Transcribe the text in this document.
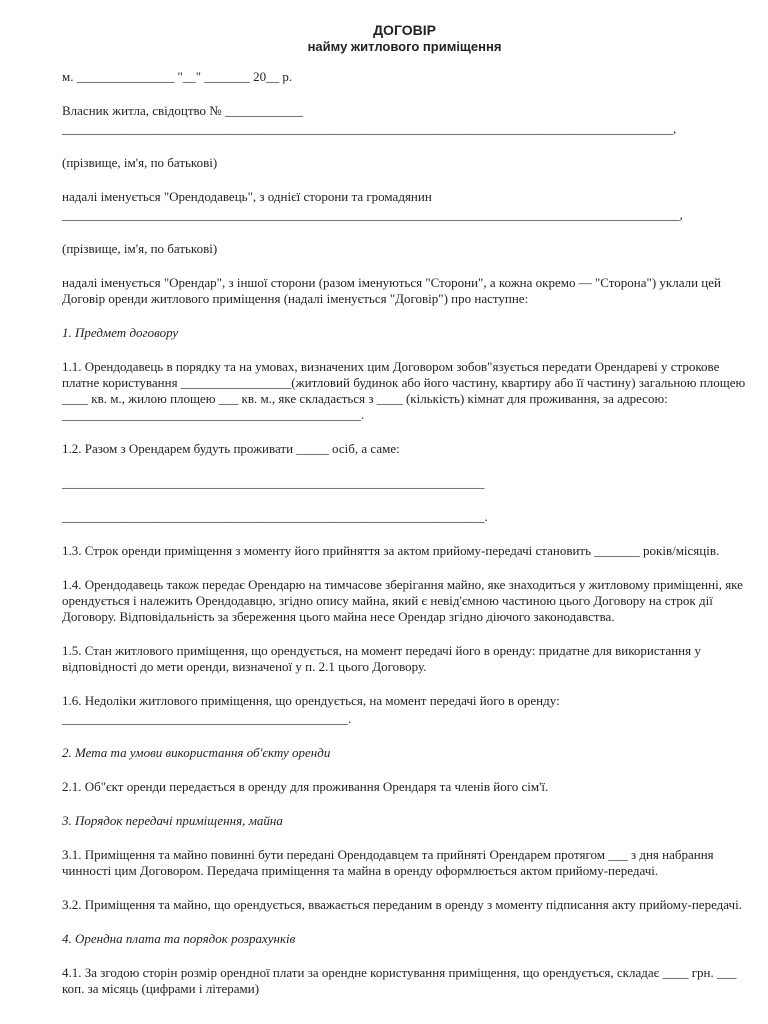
ДОГОВІР
найму житлового приміщення

м. _______________ "__" _______ 20__ р.

Власник житла, свідоцтво № ____________

______________________________________________________________________________________________,

(прізвище, ім'я, по батькові)

надалі іменується "Орендодавець", з однієї сторони та громадянин

_______________________________________________________________________________________________,

(прізвище, ім'я, по батькові)

надалі іменується "Орендар", з іншої сторони (разом іменуються "Сторони", а кожна окремо — "Сторона") уклали цей Договір оренди житлового приміщення (надалі іменується "Договір") про наступне:

1. Предмет договору

1.1. Орендодавець в порядку та на умовах, визначених цим Договором зобов"язується передати Орендареві у строкове платне користування _________________(житловий будинок або його частину, квартиру або її частину) загальною площею ____ кв. м., жилою площею ___ кв. м., яке складається з ____ (кількість) кімнат для проживання, за адресою: ______________________________________________.

1.2. Разом з Орендарем будуть проживати _____ осіб, а саме:

_________________________________________________________________

_________________________________________________________________.

1.3. Строк оренди приміщення з моменту його прийняття за актом прийому-передачі становить _______ років/місяців.

1.4. Орендодавець також передає Орендарю на тимчасове зберігання майно, яке знаходиться у житловому приміщенні, яке орендується і належить Орендодавцю, згідно опису майна, який є невід'ємною частиною цього Договору на строк дії Договору. Відповідальність за збереження цього майна несе Орендар згідно діючого законодавства.

1.5. Стан житлового приміщення, що орендується, на момент передачі його в оренду: придатне для використання у відповідності до мети оренди, визначеної у п. 2.1 цього Договору.

1.6. Недоліки житлового приміщення, що орендується, на момент передачі його в оренду:

____________________________________________.

2. Мета та умови використання об'єкту оренди

2.1. Об"єкт оренди передається в оренду для проживання Орендаря та членів його сім'ї.

3. Порядок передачі приміщення, майна

3.1. Приміщення та майно повинні бути передані Орендодавцем та прийняті Орендарем протягом ___ з дня набрання чинності цим Договором. Передача приміщення та майна в оренду оформлюється актом прийому-передачі.

3.2. Приміщення та майно, що орендується, вважається переданим в оренду з моменту підписання акту прийому-передачі.

4. Орендна плата та порядок розрахунків

4.1. За згодою сторін розмір орендної плати за орендне користування приміщення, що орендується, складає ____ грн. ___ коп. за місяць (цифрами і літерами)
